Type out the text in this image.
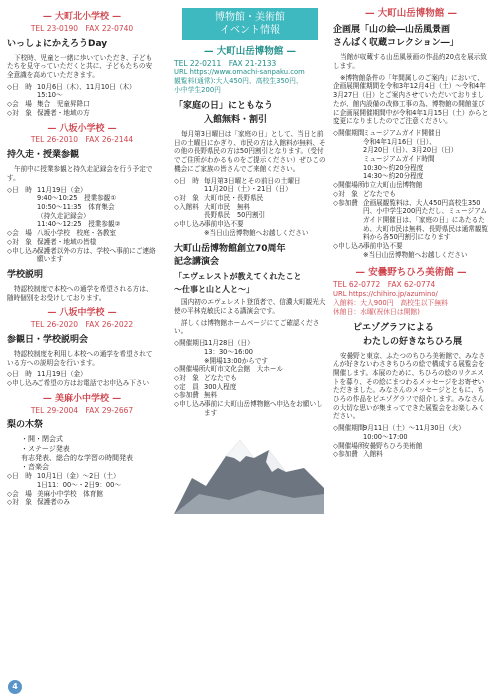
— 大町北小学校 —
TEL 23-0190　FAX 22-0740
いっしょにかえろうDay
下校時、児童と一緒に歩いていただき、子どもたちを見守っていただくと共に、子どもたちの安全意識を高めていただきます。
◇日　時 10月6日（木）、11月10日（木）
15:10～
◇会　場 集合　児童昇降口
◇対　象 保護者・地域の方
— 八坂小学校 —
TEL 26-2010　FAX 26-2144
持久走・授業参観
午前中に授業参観と持久走記録会を行う予定です。
◇日　時 11月19日（金）
9:40～10:25　授業参観①
10:50～11:35　体育集会
（持久走記録会）
11:40～12:25　授業参観②
◇会　場 八坂小学校　校庭・各教室
◇対　象 保護者・地域の皆様
◇申し込み
保護者以外の方は、学校へ事前にご連絡願います
学校説明
特認校制度で本校への通学を希望される方は、随時個別をお受けしております。
— 八坂中学校 —
TEL 26-2020　FAX 26-2022
参観日・学校説明会
特認校制度を利用し本校への通学を希望されている方への説明会を行います。
◇日　時 11月19日（金）
◇申し込み
ご希望の方はお電話でお申込み下さい
— 美麻小中学校 —
TEL 29-2004　FAX 29-2667
梨の木祭
・開・閉会式
・ステージ発表
有志発表、総合的な学習の時間発表
・音楽会
◇日　時 10月1日（金）～2日（土）
1日11：00～・2日9：00～
◇会　場 美麻小中学校　体育館
◇対　象 保護者のみ
博物館・美術館
イベント情報
— 大町山岳博物館 —
TEL 22-0211　FAX 21-2133
URL https://www.omachi-sanpaku.com
観覧料(通常):大人450円、高校生350円、
小中学生200円
「家庭の日」にともなう
入館無料・割引
毎月第3日曜日は「家庭の日」として、当日と前日の土曜日にかぎり、市民の方は入館料が無料、その他の長野県民の方は50円割引となります。（受付でご住所がわかるものをご提示ください）ぜひこの機会にご家族の皆さんでご来館ください。
◇日　時 毎月第3日曜とその前日の土曜日
11月20日（土）・21日（日）
◇対　象 大町市民・長野県民
◇入館料 大町市民　無料
長野県民　50円割引
◇申し込み
事前申込不要
※当日山岳博物館へお越しください
大町山岳博物館創立70周年
記念講演会
「エヴェレストが教えてくれたこと
～仕事と山と人と～」
国内初のエヴェレスト登頂者で、信濃大町観光大使の平林克敏氏による講演会です。
詳しくは博物館ホームページにてご確認ください。
◇開催期日
11月28日（日）
13：30～16:00
※開場13:00からです
◇開催場所
大町市文化会館　大ホール
◇対　象 どなたでも
◇定　員 300人程度
◇参加費 無料
◇申し込み
事前に大町山岳博物館へ申込をお願いします
— 大町山岳博物館 —
企画展「山の絵―山岳風景画
さんぱく収蔵コレクション―」
当館が収蔵する山岳風景画の作品約20点を展示致します。
※博物館条件の「年間属しのご案内」において、企画展開催期間を令和3年12月4日（土）～令和4年3月27日（日）とご案内させていただいておりましたが、館内設備の改修工事の為、博物館の開館並びに企画展開催期間中が令和4年1月15日（土）からと変更になりましたのでご注意ください。
◇開催期間
ミュージアムガイド開催日
令和4年1月16日（日）、
2月20日（日）、3月20日（日）
ミュージアムガイド時間
10:30～約20分程度
14:30～約20分程度
◇開催場所
市立大町山岳博物館
◇対　象 どなたでも
◇参加費 企画展観覧料は、大人450円高校生350円、小中学生200円ただし、ミュージアムガイド開催日は、「家庭の日」にあたるため、大町市民は無料、長野県民は通常観覧料から各50円割引になります
◇申し込み
事前申込不要
※当日山岳博物館へお越しください
— 安曇野ちひろ美術館 —
TEL 62-0772　FAX 62-0774
URL https://chihiro.jp/azumino/
入館料：大人900円　高校生以下無料
休館日：水曜(祝休日は開館)
ピエゾグラフによる
わたしの好きなちひろ展
安曇野と東京、ふたつのちひろ美術館で、みなさんが好きないわさきちひろの絵で構成する展覧会を開催します。本展のために、ちひろの絵のリクエストを募り、その絵にまつわるメッセージをお寄せいただきました。みなさんのメッセージとともに、ちひろの作品をピエゾグラフで紹介します。みなさんの大切な思いが集まってできた展覧会をお楽しみください。
◇開催期間
9月11日（土）～11月30日（火）
10:00～17:00
◇開催場所
安曇野ちひろ美術館
◇参加費 入館料
4
